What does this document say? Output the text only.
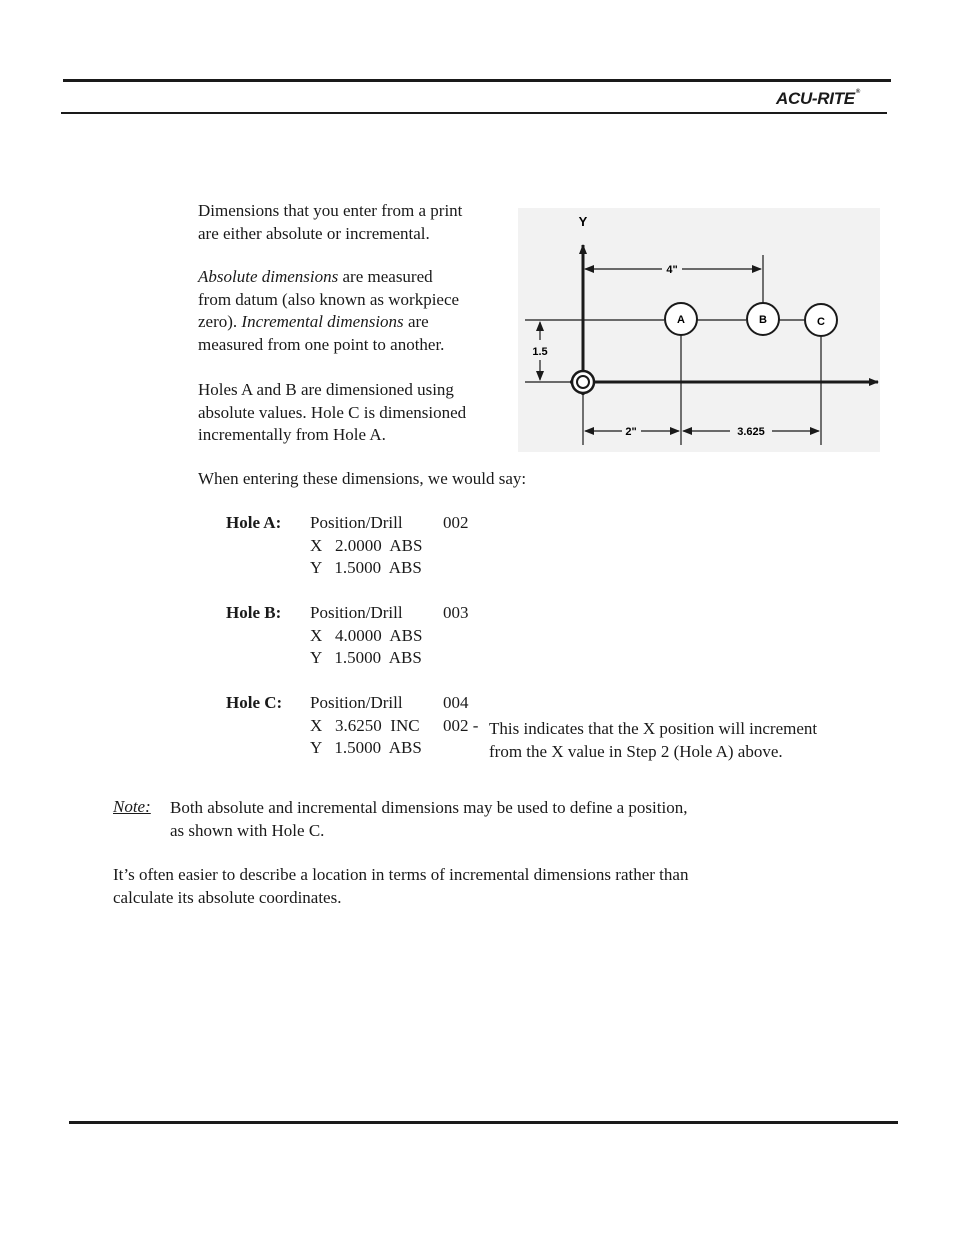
ACU-RITE®
Dimensions that you enter from a print
are either absolute or incremental.
Absolute dimensions are measured
from datum (also known as workpiece
zero). Incremental dimensions are
measured from one point to another.
Holes A and B are dimensioned using
absolute values. Hole C is dimensioned
incrementally from Hole A.
Y
4"
1.5
2"	3.625
A	B	C
When entering these dimensions, we would say:
Hole A: Position/Drill 002
X   2.0000  ABS
Y   1.5000  ABS
Hole B: Position/Drill 003
X   4.0000  ABS
Y   1.5000  ABS
Hole C: Position/Drill 004
X   3.6250  INC 002 -
Y   1.5000  ABS
This indicates that the X position will increment
from the X value in Step 2 (Hole A) above.
Note: Both absolute and incremental dimensions may be used to define a position,
as shown with Hole C.
It’s often easier to describe a location in terms of incremental dimensions rather than
calculate its absolute coordinates.
